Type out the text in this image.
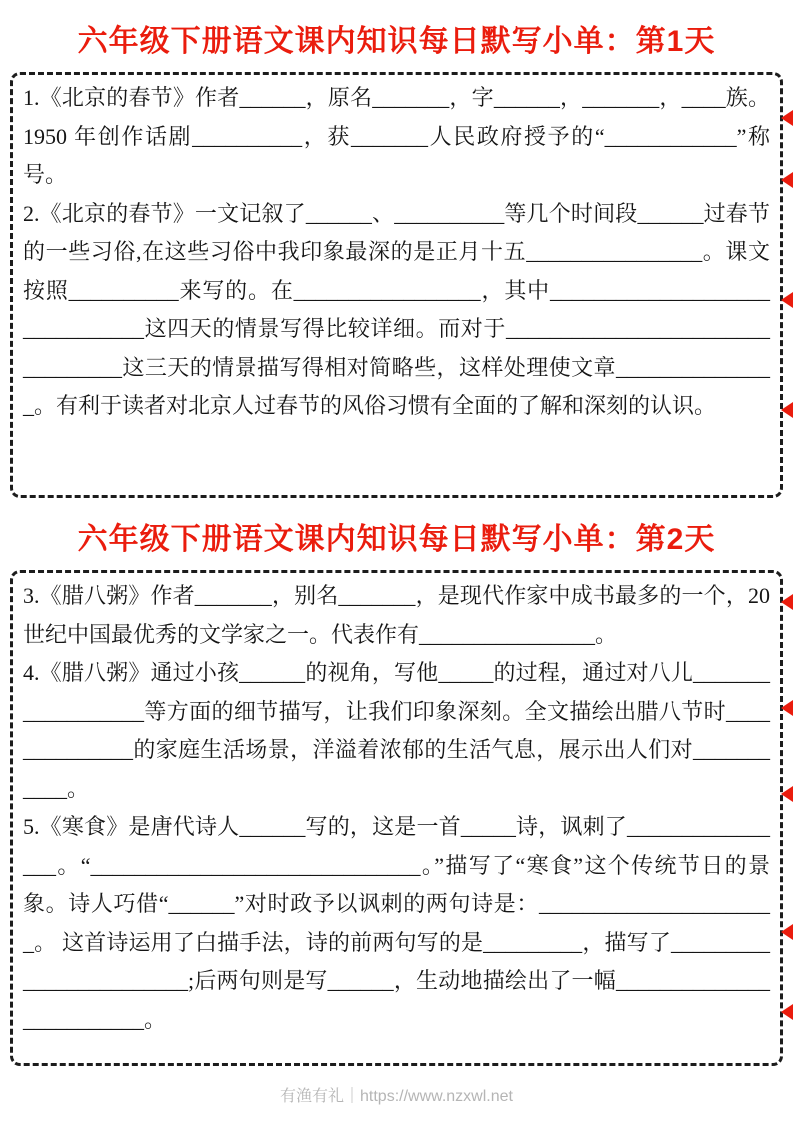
六年级下册语文课内知识每日默写小单：第1天

1.《北京的春节》作者______，原名_______，字______，_______，____族。1950 年创作话剧__________，获_______人民政府授予的“____________”称号。

2.《北京的春节》一文记叙了______、__________等几个时间段______过春节的一些习俗,在这些习俗中我印象最深的是正月十五________________。课文按照__________来写的。在_________________，其中_______________________________这四天的情景写得比较详细。而对于_________________________________这三天的情景描写得相对简略些，这样处理使文章_______________。有利于读者对北京人过春节的风俗习惯有全面的了解和深刻的认识。

六年级下册语文课内知识每日默写小单：第2天

3.《腊八粥》作者_______，别名_______，是现代作家中成书最多的一个，20 世纪中国最优秀的文学家之一。代表作有________________。

4.《腊八粥》通过小孩______的视角，写他_____的过程，通过对八儿__________________等方面的细节描写，让我们印象深刻。全文描绘出腊八节时______________的家庭生活场景，洋溢着浓郁的生活气息，展示出人们对___________。

5.《寒食》是唐代诗人______写的，这是一首_____诗，讽刺了________________。“______________________________。”描写了“寒食”这个传统节日的景象。诗人巧借“______”对时政予以讽刺的两句诗是：______________________。 这首诗运用了白描手法，诗的前两句写的是_________，描写了________________________;后两句则是写______，生动地描绘出了一幅_________________________。

有渔有礼｜https://www.nzxwl.net
